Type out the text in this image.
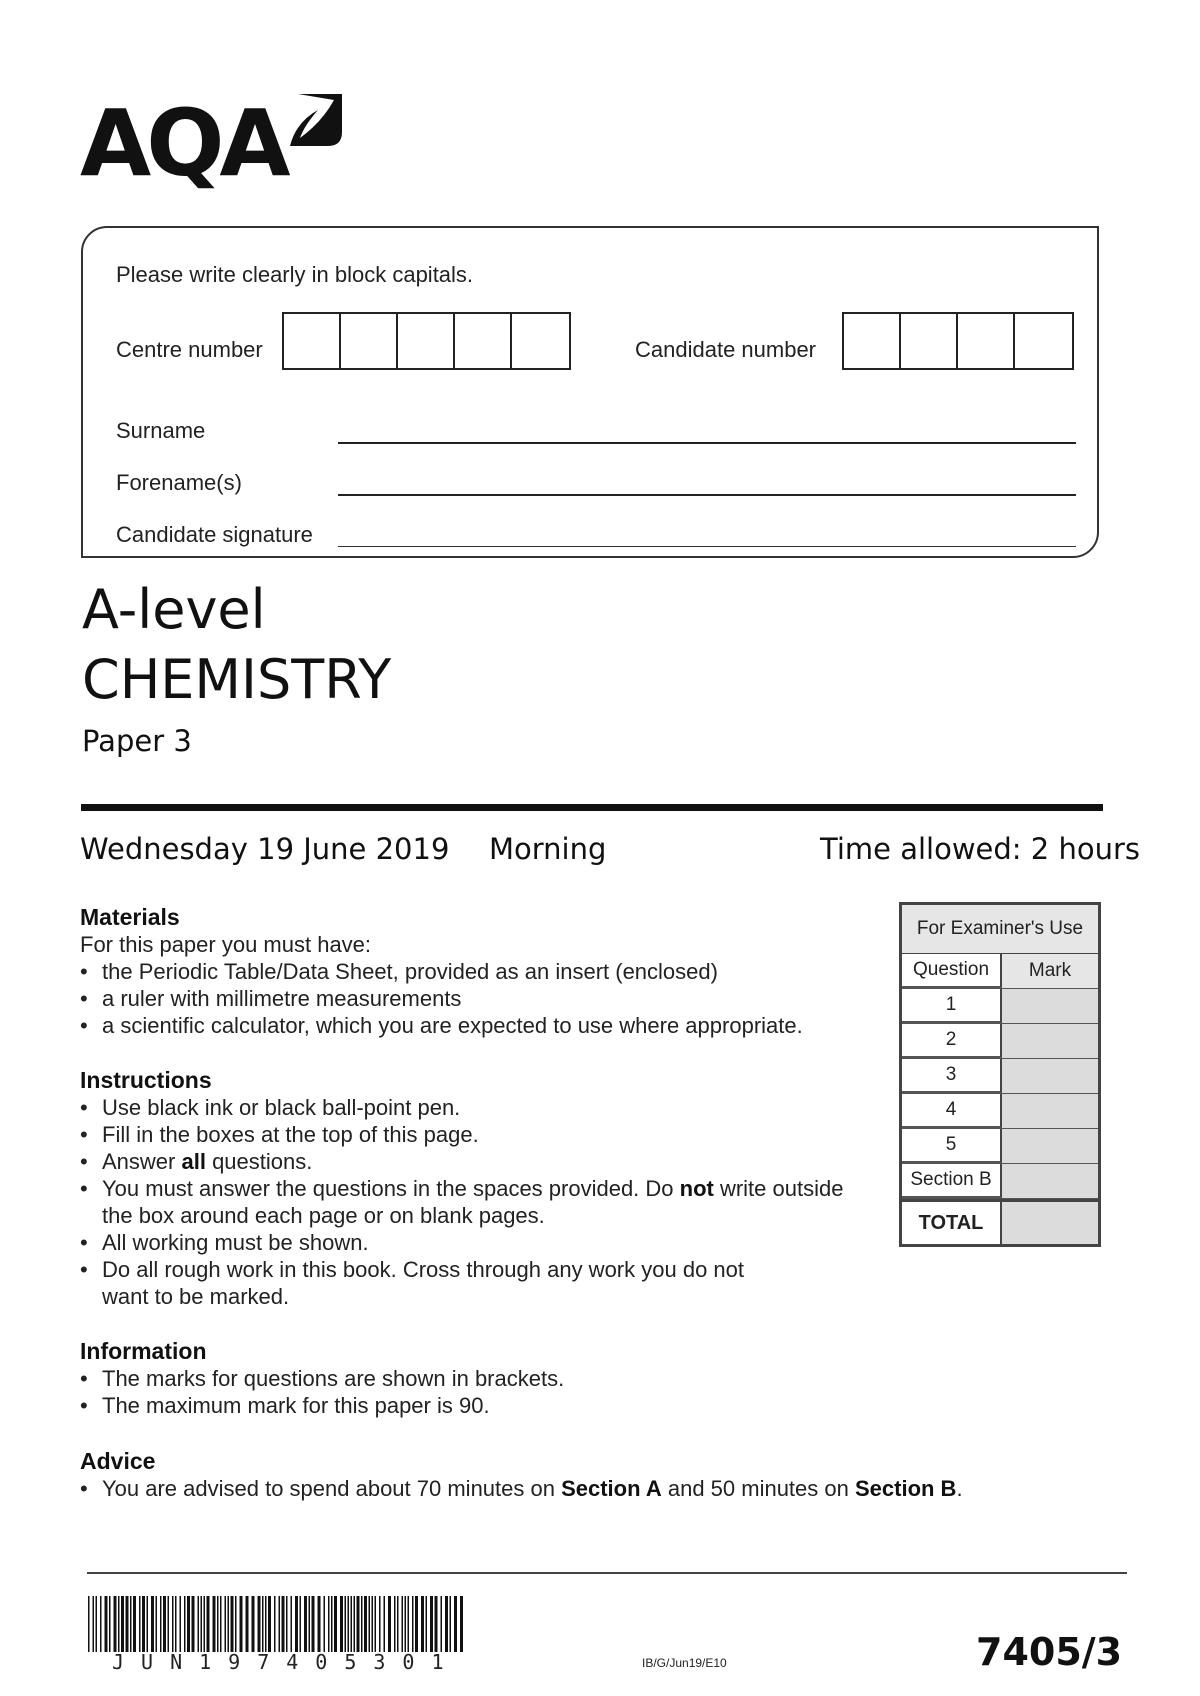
AQA
Please write clearly in block capitals.
Centre number	Candidate number
Surname
Forename(s)
Candidate signature
A-level
CHEMISTRY
Paper 3
Wednesday 19 June 2019 Morning	Time allowed: 2 hours
Materials

For this paper you must have:

• the Periodic Table/Data Sheet, provided as an insert (enclosed)
• a ruler with millimetre measurements
• a scientific calculator, which you are expected to use where appropriate.
Instructions
• Use black ink or black ball-point pen.
• Fill in the boxes at the top of this page.
• Answer all questions.
• You must answer the questions in the spaces provided. Do not write outside the box around each page or on blank pages.
• All working must be shown.
• Do all rough work in this book. Cross through any work you do not want to be marked.
Information
• The marks for questions are shown in brackets.
• The maximum mark for this paper is 90.
Advice
• You are advised to spend about 70 minutes on Section A and 50 minutes on Section B.
For Examiner's Use
Question	Mark
1
2
3
4
5
Section B
TOTAL
JUN197405301	IB/G/Jun19/E10	7405/3
